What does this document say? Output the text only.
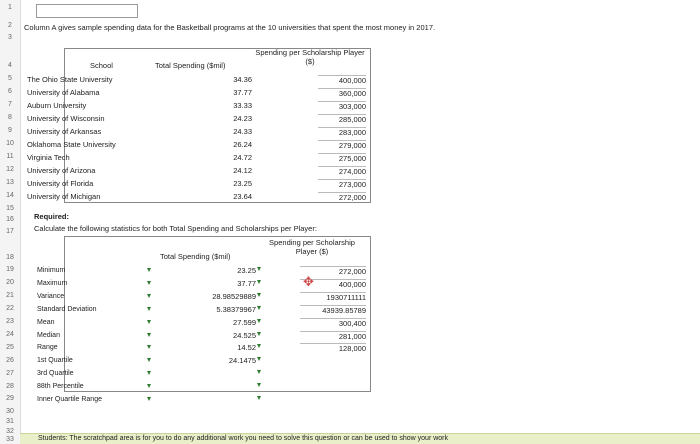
1
2
3
4
5
6
7
8
9
10
11
12
13
14
15
16
17
18
19
20
21
22
23
24
25
26
27
28
29
30
31
32
33
Column A gives sample spending data for the Basketball programs at the 10 universities that spent the most money in 2017.
School	Total Spending ($mil)
Spending per Scholarship Player ($)
The Ohio State University	34.36	400,000
University of Alabama	37.77	360,000
Auburn University	33.33	303,000
University of Wisconsin	24.23	285,000
University of Arkansas	24.33	283,000
Oklahoma State University	26.24	279,000
Virginia Tech	24.72	275,000
University of Arizona	24.12	274,000
University of Florida	23.25	273,000
University of Michigan	23.64	272,000
Required:
Calculate the following statistics for both Total Spending and Scholarships per Player:
Total Spending ($mil)
Spending per Scholarship Player ($)
Minimum	23.25	272,000
Maximum	37.77	400,000
Variance	28.98529889	1930711111
Standard Deviation	5.38379967	43939.85789
Mean	27.599	300,400
Median	24.525	281,000
Range	14.52	128,000
1st Quartile	24.1475
3rd Quartile
88th Percentile
Inner Quartile Range
✥
Students: The scratchpad area is for you to do any additional work you need to solve this question or can be used to show your work
